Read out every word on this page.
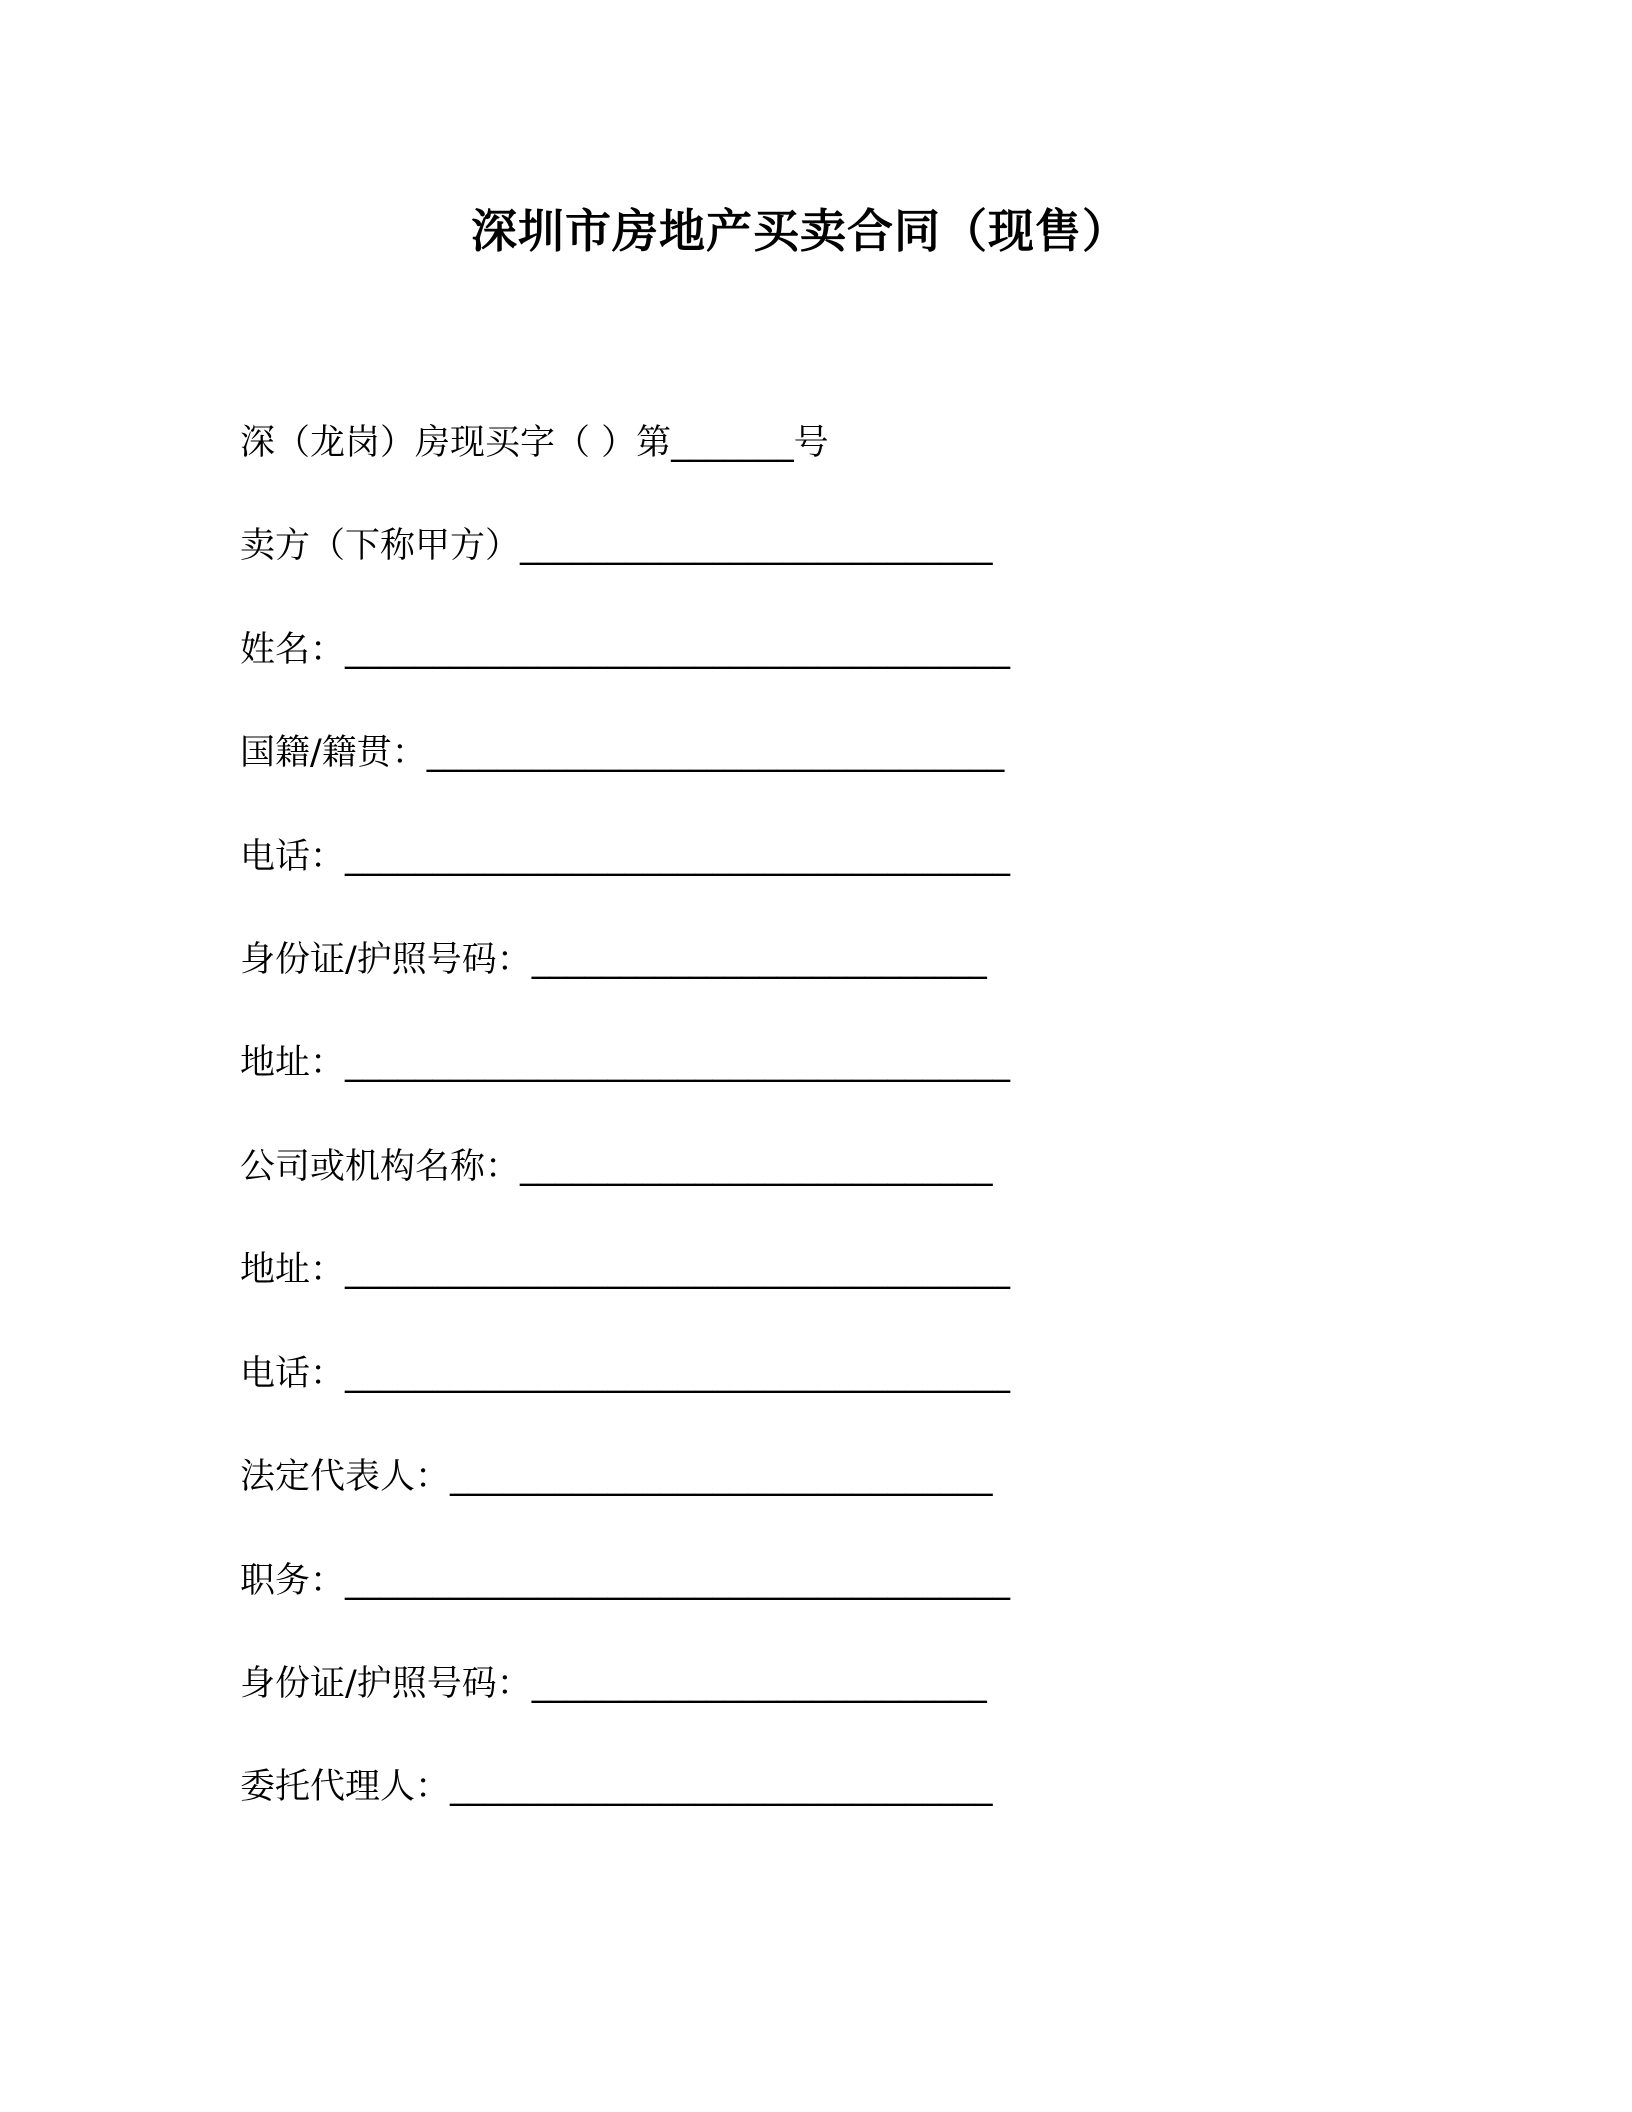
深圳市房地产买卖合同（现售）
深（龙岗）房现买字（ ）第_______号
卖方（下称甲方）___________________________
姓名：______________________________________
国籍/籍贯：_________________________________
电话：______________________________________
身份证/护照号码：__________________________
地址：______________________________________
公司或机构名称：___________________________
地址：______________________________________
电话：______________________________________
法定代表人：_______________________________
职务：______________________________________
身份证/护照号码：__________________________
委托代理人：_______________________________
